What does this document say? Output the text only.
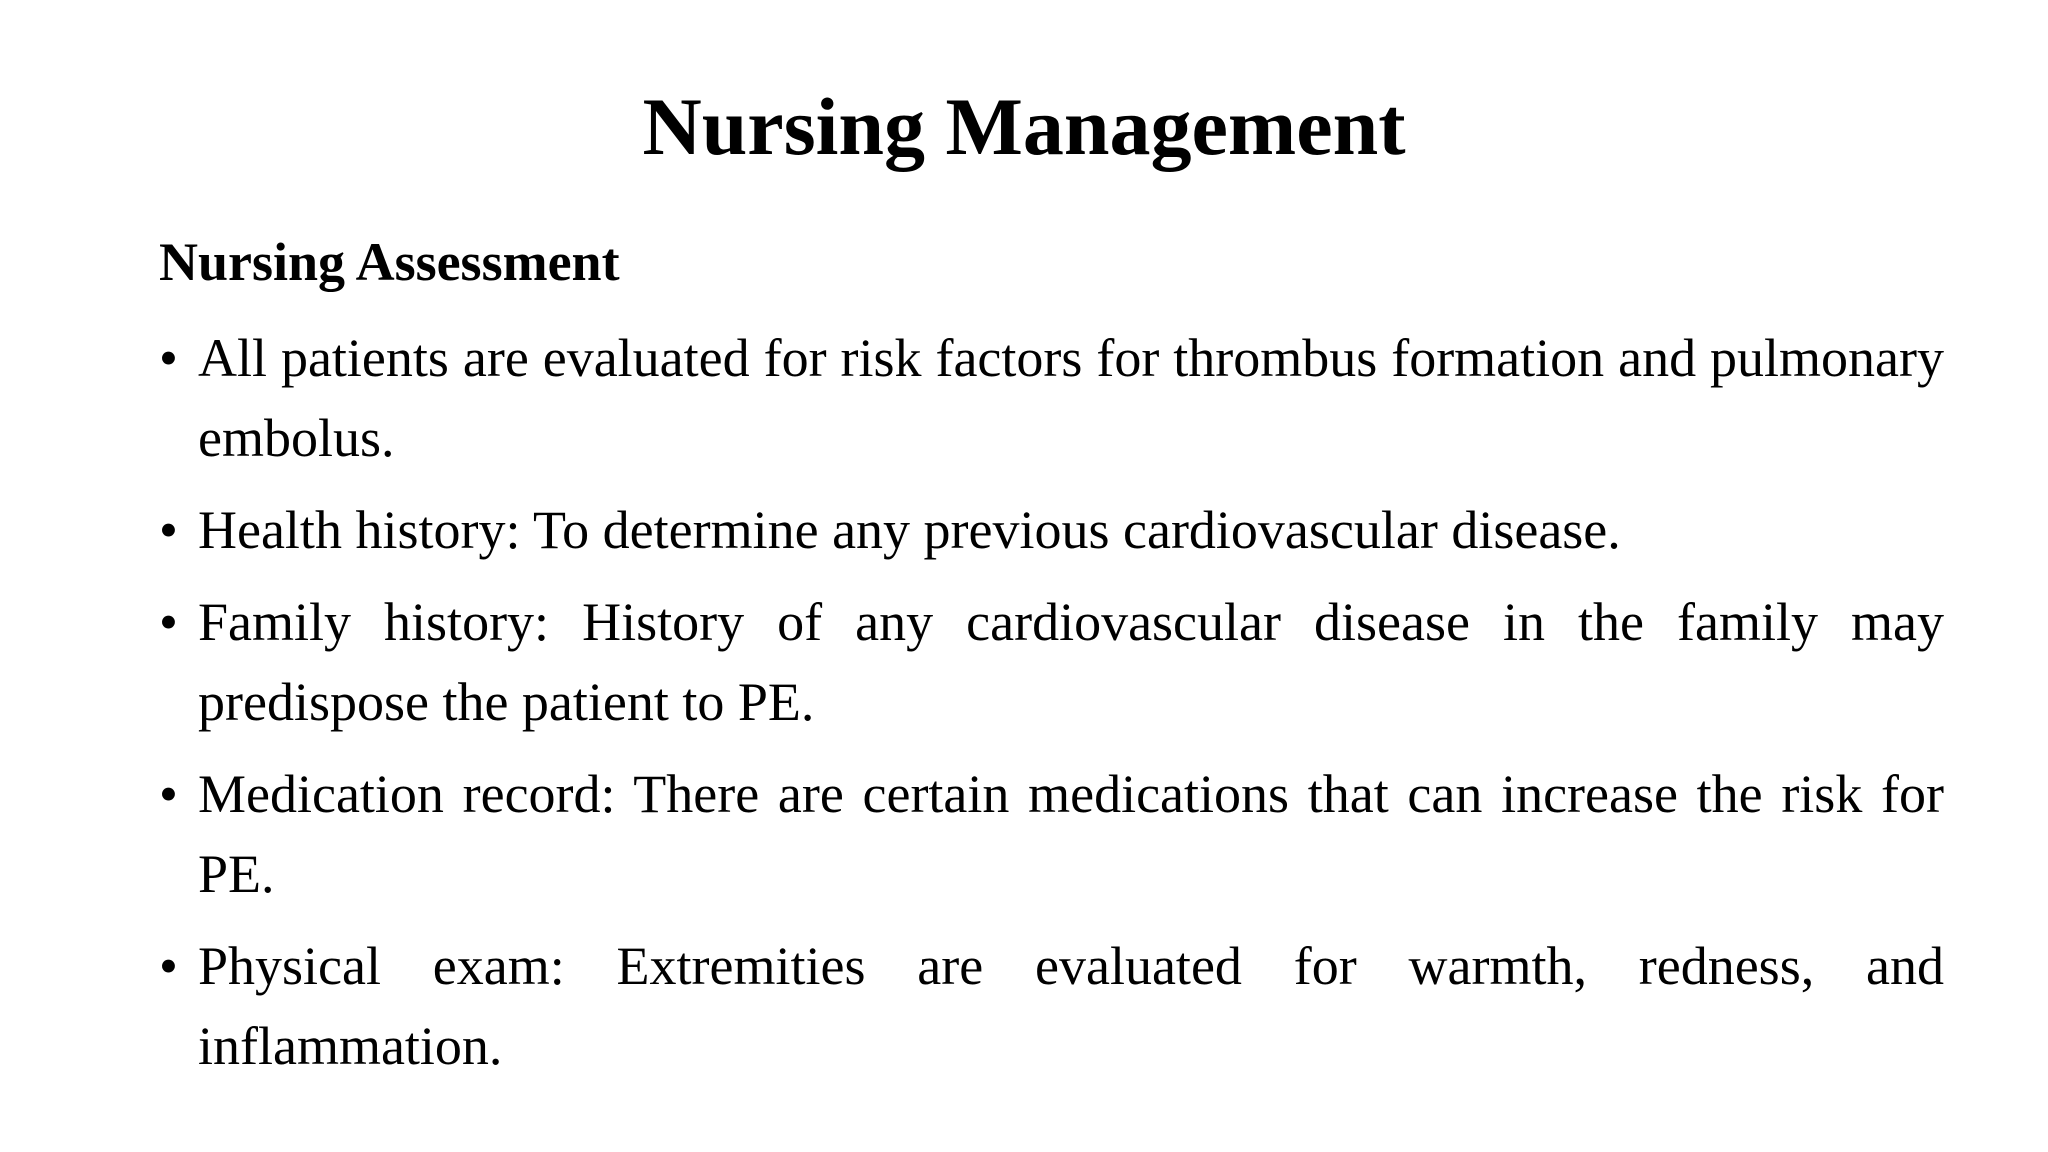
Nursing Management
Nursing Assessment
• All patients are evaluated for risk factors for thrombus formation and pulmonary embolus.
• Health history: To determine any previous cardiovascular disease.
• Family history: History of any cardiovascular disease in the family may predispose the patient to PE.
• Medication record: There are certain medications that can increase the risk for PE.
• Physical exam: Extremities are evaluated for warmth, redness, and inflammation.
